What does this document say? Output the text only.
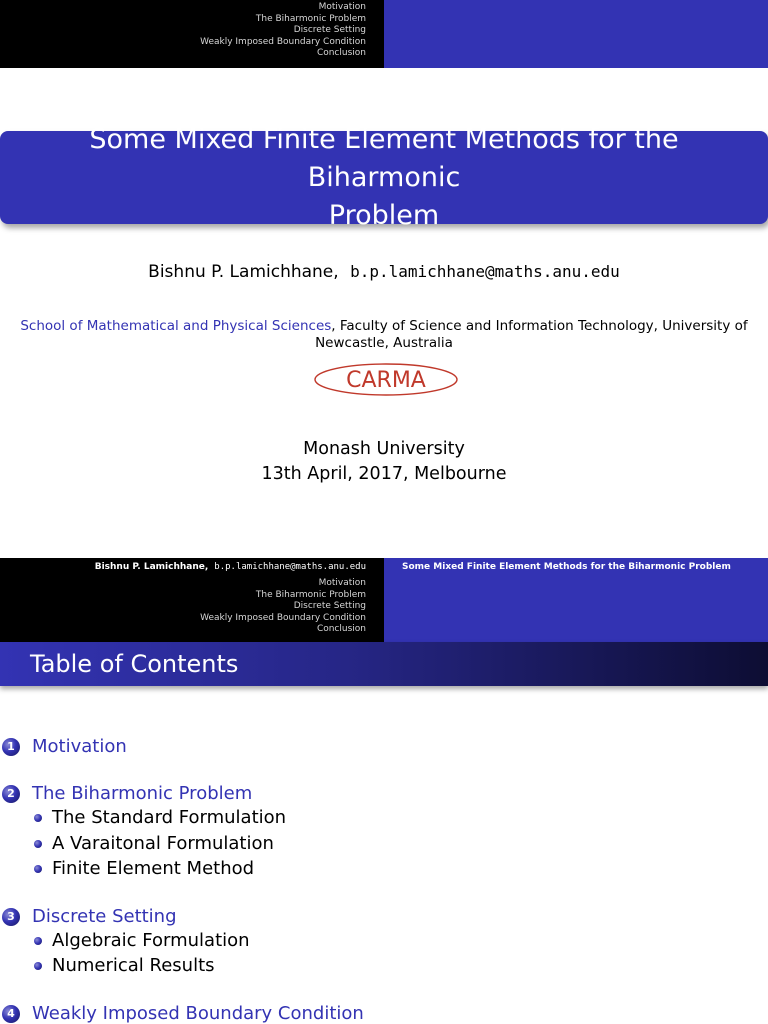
Motivation
The Biharmonic Problem
Discrete Setting
Weakly Imposed Boundary Condition
Conclusion
Some Mixed Finite Element Methods for the Biharmonic
Problem
Bishnu P. Lamichhane, b.p.lamichhane@maths.anu.edu
School of Mathematical and Physical Sciences, Faculty of Science and Information Technology, University of Newcastle, Australia
CARMA
Monash University
13th April, 2017, Melbourne
Bishnu P. Lamichhane, b.p.lamichhane@maths.anu.edu
Motivation
The Biharmonic Problem
Discrete Setting
Weakly Imposed Boundary Condition
Conclusion
Some Mixed Finite Element Methods for the Biharmonic Problem
Table of Contents
1 Motivation
2 The Biharmonic Problem
The Standard Formulation
A Varaitonal Formulation
Finite Element Method
3 Discrete Setting
Algebraic Formulation
Numerical Results
4 Weakly Imposed Boundary Condition
